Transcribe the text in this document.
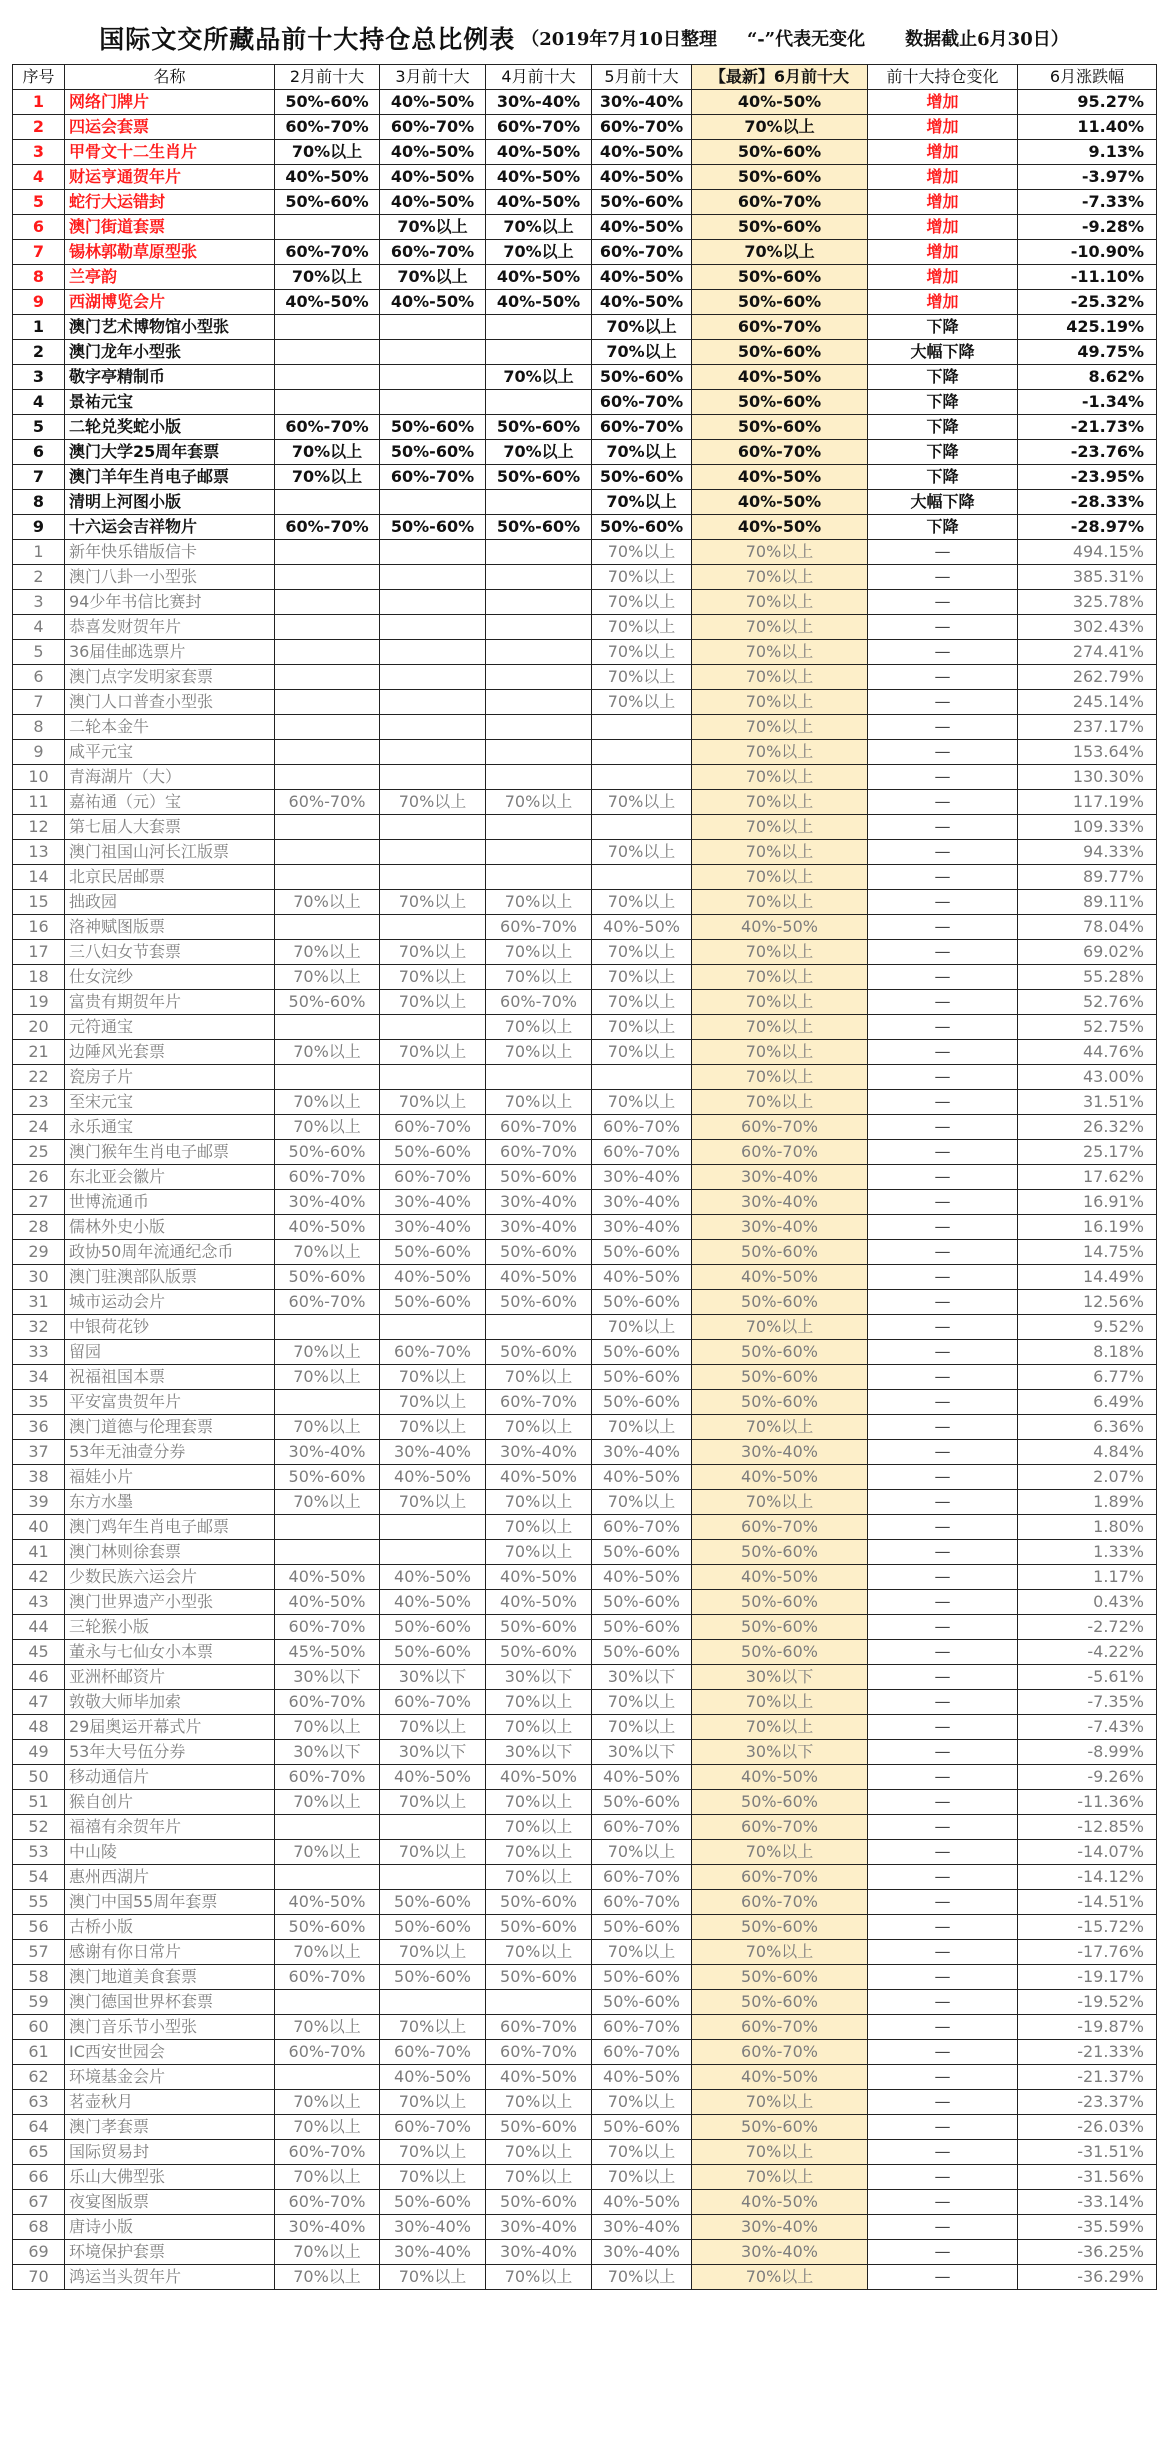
国际文交所藏品前十大持仓总比例表 （2019年7月10日整理 “-”代表无变化 数据截止6月30日）
序号	名称	2月前十大	3月前十大	4月前十大	5月前十大	【最新】6月前十大	前十大持仓变化	6月涨跌幅
1	网络门牌片	50%-60%	40%-50%	30%-40%	30%-40%	40%-50%	增加	95.27%
2	四运会套票	60%-70%	60%-70%	60%-70%	60%-70%	70%以上	增加	11.40%
3	甲骨文十二生肖片	70%以上	40%-50%	40%-50%	40%-50%	50%-60%	增加	9.13%
4	财运亨通贺年片	40%-50%	40%-50%	40%-50%	40%-50%	50%-60%	增加	-3.97%
5	蛇行大运错封	50%-60%	40%-50%	40%-50%	50%-60%	60%-70%	增加	-7.33%
6	澳门街道套票		70%以上	70%以上	40%-50%	50%-60%	增加	-9.28%
7	锡林郭勒草原型张	60%-70%	60%-70%	70%以上	60%-70%	70%以上	增加	-10.90%
8	兰亭韵	70%以上	70%以上	40%-50%	40%-50%	50%-60%	增加	-11.10%
9	西湖博览会片	40%-50%	40%-50%	40%-50%	40%-50%	50%-60%	增加	-25.32%
1	澳门艺术博物馆小型张				70%以上	60%-70%	下降	425.19%
2	澳门龙年小型张				70%以上	50%-60%	大幅下降	49.75%
3	敬字亭精制币			70%以上	50%-60%	40%-50%	下降	8.62%
4	景祐元宝				60%-70%	50%-60%	下降	-1.34%
5	二轮兑奖蛇小版	60%-70%	50%-60%	50%-60%	60%-70%	50%-60%	下降	-21.73%
6	澳门大学25周年套票	70%以上	50%-60%	70%以上	70%以上	60%-70%	下降	-23.76%
7	澳门羊年生肖电子邮票	70%以上	60%-70%	50%-60%	50%-60%	40%-50%	下降	-23.95%
8	清明上河图小版				70%以上	40%-50%	大幅下降	-28.33%
9	十六运会吉祥物片	60%-70%	50%-60%	50%-60%	50%-60%	40%-50%	下降	-28.97%
1	新年快乐错版信卡				70%以上	70%以上	—	494.15%
2	澳门八卦一小型张				70%以上	70%以上	—	385.31%
3	94少年书信比赛封				70%以上	70%以上	—	325.78%
4	恭喜发财贺年片				70%以上	70%以上	—	302.43%
5	36届佳邮选票片				70%以上	70%以上	—	274.41%
6	澳门点字发明家套票				70%以上	70%以上	—	262.79%
7	澳门人口普查小型张				70%以上	70%以上	—	245.14%
8	二轮本金牛					70%以上	—	237.17%
9	咸平元宝					70%以上	—	153.64%
10	青海湖片（大）					70%以上	—	130.30%
11	嘉祐通（元）宝	60%-70%	70%以上	70%以上	70%以上	70%以上	—	117.19%
12	第七届人大套票					70%以上	—	109.33%
13	澳门祖国山河长江版票				70%以上	70%以上	—	94.33%
14	北京民居邮票					70%以上	—	89.77%
15	拙政园	70%以上	70%以上	70%以上	70%以上	70%以上	—	89.11%
16	洛神赋图版票			60%-70%	40%-50%	40%-50%	—	78.04%
17	三八妇女节套票	70%以上	70%以上	70%以上	70%以上	70%以上	—	69.02%
18	仕女浣纱	70%以上	70%以上	70%以上	70%以上	70%以上	—	55.28%
19	富贵有期贺年片	50%-60%	70%以上	60%-70%	70%以上	70%以上	—	52.76%
20	元符通宝			70%以上	70%以上	70%以上	—	52.75%
21	边陲风光套票	70%以上	70%以上	70%以上	70%以上	70%以上	—	44.76%
22	瓷房子片					70%以上	—	43.00%
23	至宋元宝	70%以上	70%以上	70%以上	70%以上	70%以上	—	31.51%
24	永乐通宝	70%以上	60%-70%	60%-70%	60%-70%	60%-70%	—	26.32%
25	澳门猴年生肖电子邮票	50%-60%	50%-60%	60%-70%	60%-70%	60%-70%	—	25.17%
26	东北亚会徽片	60%-70%	60%-70%	50%-60%	30%-40%	30%-40%	—	17.62%
27	世博流通币	30%-40%	30%-40%	30%-40%	30%-40%	30%-40%	—	16.91%
28	儒林外史小版	40%-50%	30%-40%	30%-40%	30%-40%	30%-40%	—	16.19%
29	政协50周年流通纪念币	70%以上	50%-60%	50%-60%	50%-60%	50%-60%	—	14.75%
30	澳门驻澳部队版票	50%-60%	40%-50%	40%-50%	40%-50%	40%-50%	—	14.49%
31	城市运动会片	60%-70%	50%-60%	50%-60%	50%-60%	50%-60%	—	12.56%
32	中银荷花钞				70%以上	70%以上	—	9.52%
33	留园	70%以上	60%-70%	50%-60%	50%-60%	50%-60%	—	8.18%
34	祝福祖国本票	70%以上	70%以上	70%以上	50%-60%	50%-60%	—	6.77%
35	平安富贵贺年片		70%以上	60%-70%	50%-60%	50%-60%	—	6.49%
36	澳门道德与伦理套票	70%以上	70%以上	70%以上	70%以上	70%以上	—	6.36%
37	53年无油壹分券	30%-40%	30%-40%	30%-40%	30%-40%	30%-40%	—	4.84%
38	福娃小片	50%-60%	40%-50%	40%-50%	40%-50%	40%-50%	—	2.07%
39	东方水墨	70%以上	70%以上	70%以上	70%以上	70%以上	—	1.89%
40	澳门鸡年生肖电子邮票			70%以上	60%-70%	60%-70%	—	1.80%
41	澳门林则徐套票			70%以上	50%-60%	50%-60%	—	1.33%
42	少数民族六运会片	40%-50%	40%-50%	40%-50%	40%-50%	40%-50%	—	1.17%
43	澳门世界遗产小型张	40%-50%	40%-50%	40%-50%	50%-60%	50%-60%	—	0.43%
44	三轮猴小版	60%-70%	50%-60%	50%-60%	50%-60%	50%-60%	—	-2.72%
45	董永与七仙女小本票	45%-50%	50%-60%	50%-60%	50%-60%	50%-60%	—	-4.22%
46	亚洲杯邮资片	30%以下	30%以下	30%以下	30%以下	30%以下	—	-5.61%
47	敦敬大师毕加索	60%-70%	60%-70%	70%以上	70%以上	70%以上	—	-7.35%
48	29届奥运开幕式片	70%以上	70%以上	70%以上	70%以上	70%以上	—	-7.43%
49	53年大号伍分券	30%以下	30%以下	30%以下	30%以下	30%以下	—	-8.99%
50	移动通信片	60%-70%	40%-50%	40%-50%	40%-50%	40%-50%	—	-9.26%
51	猴自创片	70%以上	70%以上	70%以上	50%-60%	50%-60%	—	-11.36%
52	福禧有余贺年片			70%以上	60%-70%	60%-70%	—	-12.85%
53	中山陵	70%以上	70%以上	70%以上	70%以上	70%以上	—	-14.07%
54	惠州西湖片			70%以上	60%-70%	60%-70%	—	-14.12%
55	澳门中国55周年套票	40%-50%	50%-60%	50%-60%	60%-70%	60%-70%	—	-14.51%
56	古桥小版	50%-60%	50%-60%	50%-60%	50%-60%	50%-60%	—	-15.72%
57	感谢有你日常片	70%以上	70%以上	70%以上	70%以上	70%以上	—	-17.76%
58	澳门地道美食套票	60%-70%	50%-60%	50%-60%	50%-60%	50%-60%	—	-19.17%
59	澳门德国世界杯套票				50%-60%	50%-60%	—	-19.52%
60	澳门音乐节小型张	70%以上	70%以上	60%-70%	60%-70%	60%-70%	—	-19.87%
61	IC西安世园会	60%-70%	60%-70%	60%-70%	60%-70%	60%-70%	—	-21.33%
62	环境基金会片		40%-50%	40%-50%	40%-50%	40%-50%	—	-21.37%
63	茗壶秋月	70%以上	70%以上	70%以上	70%以上	70%以上	—	-23.37%
64	澳门孝套票	70%以上	60%-70%	50%-60%	50%-60%	50%-60%	—	-26.03%
65	国际贸易封	60%-70%	70%以上	70%以上	70%以上	70%以上	—	-31.51%
66	乐山大佛型张	70%以上	70%以上	70%以上	70%以上	70%以上	—	-31.56%
67	夜宴图版票	60%-70%	50%-60%	50%-60%	40%-50%	40%-50%	—	-33.14%
68	唐诗小版	30%-40%	30%-40%	30%-40%	30%-40%	30%-40%	—	-35.59%
69	环境保护套票	70%以上	30%-40%	30%-40%	30%-40%	30%-40%	—	-36.25%
70	鸿运当头贺年片	70%以上	70%以上	70%以上	70%以上	70%以上	—	-36.29%
